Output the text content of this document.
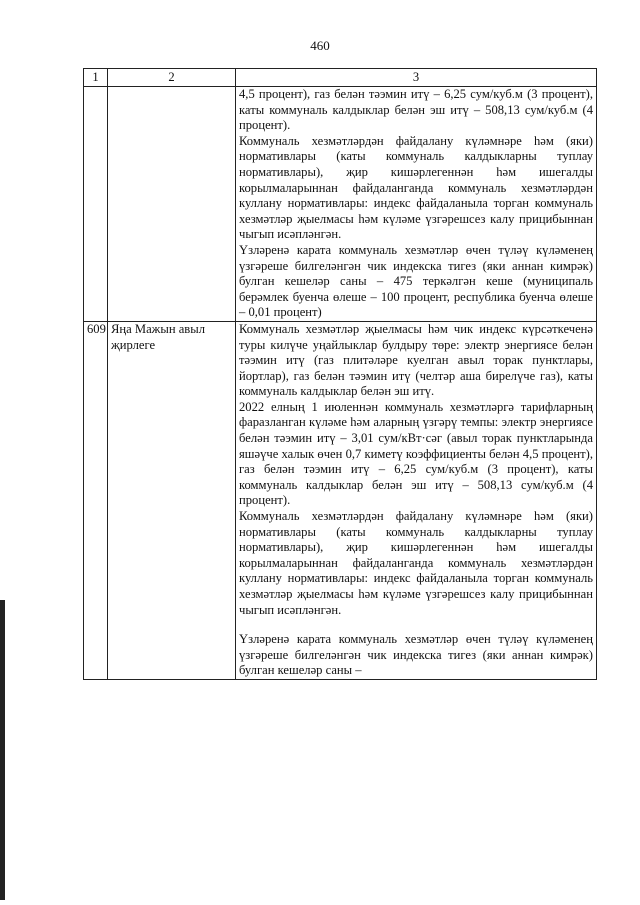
460
1	2	3

		4,5 процент), газ белән тәэмин итү – 6,25 сум/куб.м (3 процент), каты коммуналь калдыклар белән эш итү – 508,13 сум/куб.м (4 процент).

Коммуналь хезмәтләрдән файдалану күләмнәре һәм (яки) нормативлары (каты коммуналь калдыкларны туплау нормативлары), җир кишәрлегеннән һәм ишегалды корылмаларыннан файдаланганда коммуналь хезмәтләрдән куллану нормативлары: индекс файдаланыла торган коммуналь хезмәтләр җыелмасы һәм күләме үзгәрешсез калу прицибыннан чыгып исәпләнгән.

Үзләренә карата коммуналь хезмәтләр өчен түләү күләменең үзгәреше билгеләнгән чик индекска тигез (яки аннан кимрәк) булган кешеләр саны – 475 теркәлгән кеше (муниципаль берәмлек буенча өлеше – 100 процент, республика буенча өлеше – 0,01 процент)

609	Яңа Мажын авыл җирлеге	Коммуналь хезмәтләр җыелмасы һәм чик индекс күрсәткеченә туры килүче уңайлыклар булдыру төре: электр энергиясе белән тәэмин итү (газ плитәләре куелган авыл торак пунктлары, йортлар), газ белән тәэмин итү (челтәр аша бирелүче газ), каты коммуналь калдыклар белән эш итү.

2022 елның 1 июленнән коммуналь хезмәтләргә тарифларның фаразланган күләме һәм аларның үзгәрү темпы: электр энергиясе белән тәэмин итү – 3,01 сум/кВт·сәг (авыл торак пунктларында яшәүче халык өчен 0,7 киметү коэффициенты белән 4,5 процент), газ белән тәэмин итү – 6,25 сум/куб.м (3 процент), каты коммуналь калдыклар белән эш итү – 508,13 сум/куб.м (4 процент).

Коммуналь хезмәтләрдән файдалану күләмнәре һәм (яки) нормативлары (каты коммуналь калдыкларны туплау нормативлары), җир кишәрлегеннән һәм ишегалды корылмаларыннан файдаланганда коммуналь хезмәтләрдән куллану нормативлары: индекс файдаланыла торган коммуналь хезмәтләр җыелмасы һәм күләме үзгәрешсез калу прицибыннан чыгып исәпләнгән.

Үзләренә карата коммуналь хезмәтләр өчен түләү күләменең үзгәреше билгеләнгән чик индекска тигез (яки аннан кимрәк) булган кешеләр саны –
